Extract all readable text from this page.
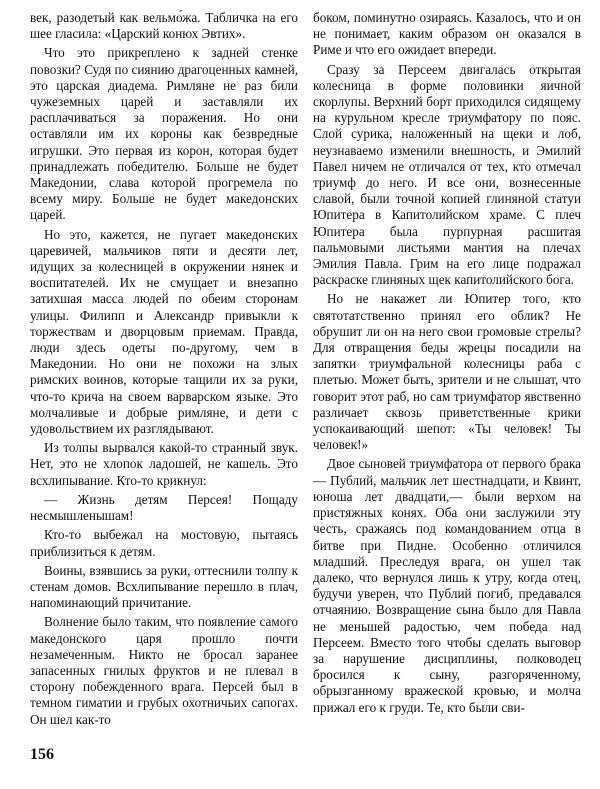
век, разодетый как вельмо́жа. Табличка на его шее гласила: «Царский конюх Эвтих».

Что это прикреплено к задней стенке повозки? Судя по сиянию драгоценных камней, это царская диадема. Римляне не раз били чужеземных царей и заставляли их расплачиваться за поражения. Но они оставляли им их короны как безвредные игрушки. Это первая из корон, которая будет принадлежать победителю. Больше не будет Македонии, слава которой прогремела по всему миру. Больше не будет македонских царей.

Но это, кажется, не пугает македонских царевичей, мальчиков пяти и десяти лет, идущих за колесницей в окружении нянек и воспитателей. Их не смущает и внезапно затихшая масса людей по обеим сторонам улицы. Филипп и Александр привыкли к торжествам и дворцовым приемам. Правда, люди здесь одеты по-другому, чем в Македонии. Но они не похожи на злых римских воинов, которые тащили их за руки, что-то крича на своем варварском языке. Это молчаливые и добрые римляне, и дети с удовольствием их разглядывают.

Из толпы вырвался какой-то странный звук. Нет, это не хлопок ладошей, не кашель. Это всхлипывание. Кто-то крикнул:

— Жизнь детям Персея! Пощаду несмышленышам!

Кто-то выбежал на мостовую, пытаясь приблизиться к детям.

Воины, взявшись за руки, оттеснили толпу к стенам домов. Всхлипывание перешло в плач, напоминающий причитание.

Волнение было таким, что появление самого македонского царя прошло почти незамеченным. Никто не бросал заранее запасенных гнилых фруктов и не плевал в сторону побежденного врага. Персей был в темном гиматии и грубых охотничьих сапогах. Он шел как-то

боком, поминутно озираясь. Казалось, что и он не понимает, каким образом он оказался в Риме и что его ожидает впереди.

Сразу за Персеем двигалась открытая колесница в форме половинки яичной скорлупы. Верхний борт приходился сидящему на курульном кресле триумфатору по пояс. Слой сурика, наложенный на щеки и лоб, неузнаваемо изменили внешность, и Эмилий Павел ничем не отличался от тех, кто отмечал триумф до него. И все они, вознесенные славой, были точной копией глиняной статуи Юпитера в Капитолийском храме. С плеч Юпитера была пурпурная расшитая пальмовыми листьями мантия на плечах Эмилия Павла. Грим на его лице подражал раскраске глиняных щек капитолийского бога.

Но не накажет ли Юпитер того, кто святотатственно принял его облик? Не обрушит ли он на него свои громовые стрелы? Для отвращения беды жрецы посадили на запятки триумфальной колесницы раба с плетью. Может быть, зрители и не слышат, что говорит этот раб, но сам триумфатор явственно различает сквозь приветственные крики успокаивающий шепот: «Ты человек! Ты человек!»

Двое сыновей триумфатора от первого брака — Публий, мальчик лет шестнадцати, и Квинт, юноша лет двадцати,— были верхом на пристяжных конях. Оба они заслужили эту честь, сражаясь под командованием отца в битве при Пидне. Особенно отличился младший. Преследуя врага, он ушел так далеко, что вернулся лишь к утру, когда отец, будучи уверен, что Публий погиб, предавался отчаянию. Возвращение сына было для Павла не меньшей радостью, чем победа над Персеем. Вместо того чтобы сделать выговор за нарушение дисциплины, полководец бросился к сыну, разгоряченному, обрызганному вражеской кровью, и молча прижал его к груди. Те, кто были сви-

156
